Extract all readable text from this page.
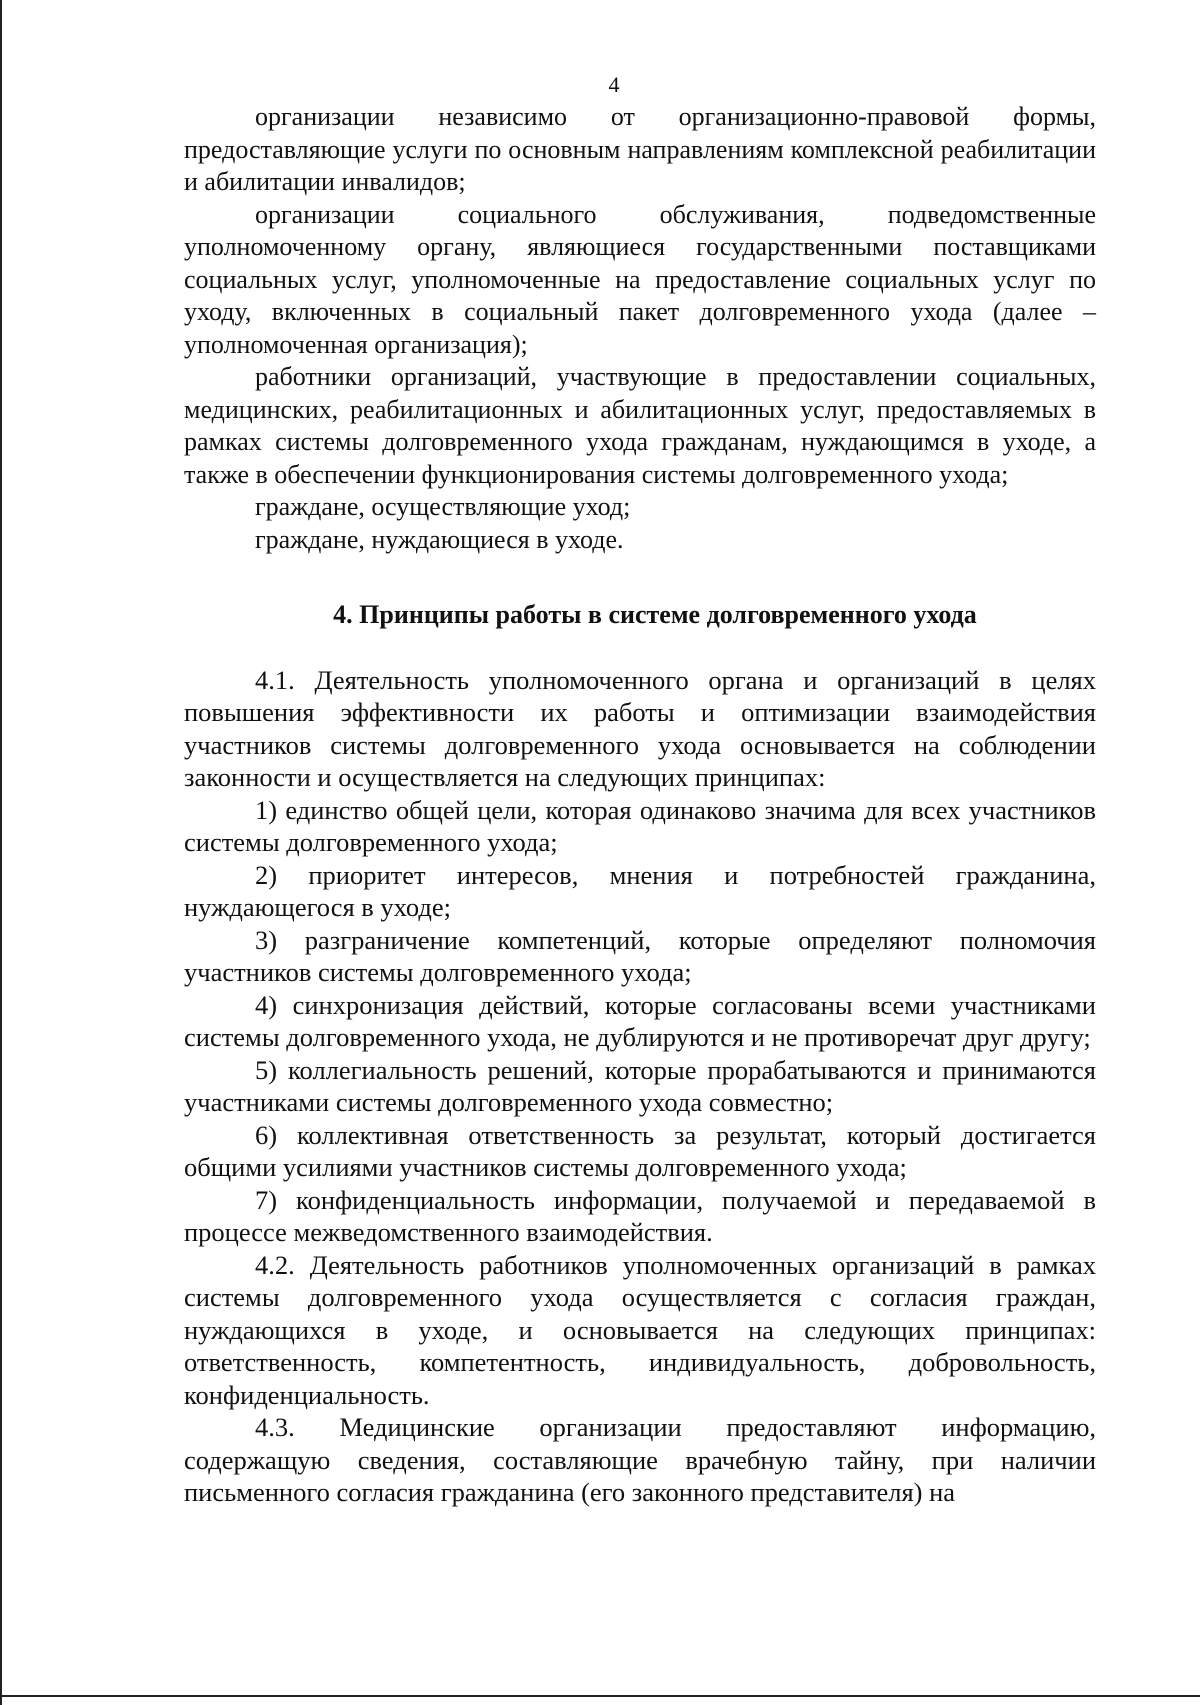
4

организации независимо от организационно-правовой формы, предоставляющие услуги по основным направлениям комплексной реабилитации и абилитации инвалидов;

организации социального обслуживания, подведомственные уполномоченному органу, являющиеся государственными поставщиками социальных услуг, уполномоченные на предоставление социальных услуг по уходу, включенных в социальный пакет долговременного ухода (далее – уполномоченная организация);

работники организаций, участвующие в предоставлении социальных, медицинских, реабилитационных и абилитационных услуг, предоставляемых в рамках системы долговременного ухода гражданам, нуждающимся в уходе, а также в обеспечении функционирования системы долговременного ухода;

граждане, осуществляющие уход;

граждане, нуждающиеся в уходе.

4. Принципы работы в системе долговременного ухода

4.1. Деятельность уполномоченного органа и организаций в целях повышения эффективности их работы и оптимизации взаимодействия участников системы долговременного ухода основывается на соблюдении законности и осуществляется на следующих принципах:

1) единство общей цели, которая одинаково значима для всех участников системы долговременного ухода;

2) приоритет интересов, мнения и потребностей гражданина, нуждающегося в уходе;

3) разграничение компетенций, которые определяют полномочия участников системы долговременного ухода;

4) синхронизация действий, которые согласованы всеми участниками системы долговременного ухода, не дублируются и не противоречат друг другу;

5) коллегиальность решений, которые прорабатываются и принимаются участниками системы долговременного ухода совместно;

6) коллективная ответственность за результат, который достигается общими усилиями участников системы долговременного ухода;

7) конфиденциальность информации, получаемой и передаваемой в процессе межведомственного взаимодействия.

4.2. Деятельность работников уполномоченных организаций в рамках системы долговременного ухода осуществляется с согласия граждан, нуждающихся в уходе, и основывается на следующих принципах: ответственность, компетентность, индивидуальность, добровольность, конфиденциальность.

4.3. Медицинские организации предоставляют информацию, содержащую сведения, составляющие врачебную тайну, при наличии письменного согласия гражданина (его законного представителя) на
